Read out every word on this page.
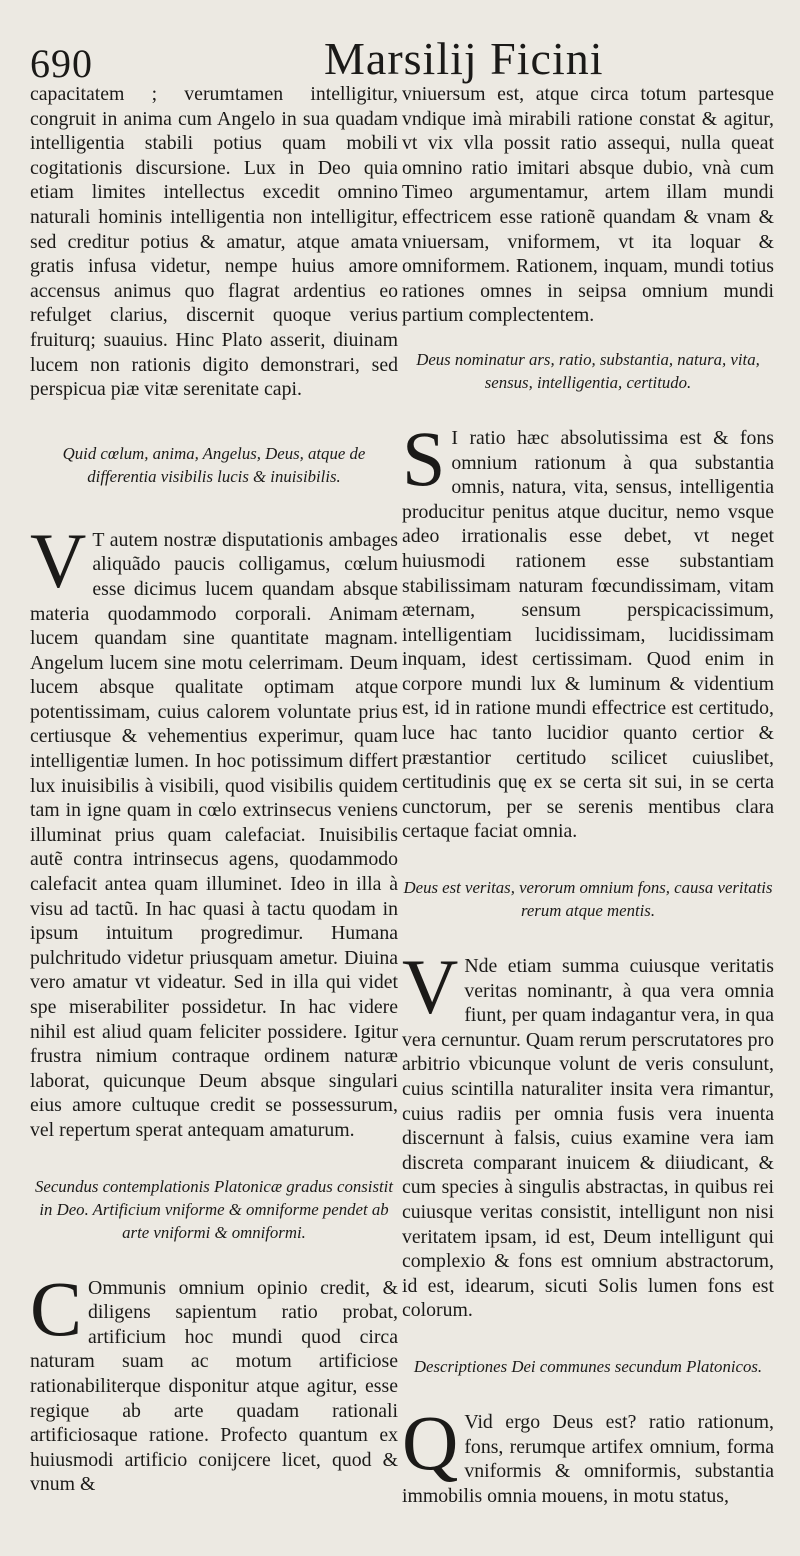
690	Marsilij Ficini

capacitatem ; verumtamen intelligitur, congruit in anima cum Angelo in sua quadam intelligentia stabili potius quam mobili cogitationis discursione. Lux in Deo quia etiam limites intellectus excedit omnino naturali hominis intelligentia non intelligitur, sed creditur potius & amatur, atque amata gratis infusa videtur, nempe huius amore accensus animus quo flagrat ardentius eo refulget clarius, discernit quoque verius fruiturq; suauius. Hinc Plato asserit, diuinam lucem non rationis digito demonstrari, sed perspicua piæ vitæ serenitate capi.

Quid cœlum, anima, Angelus, Deus, atque de differentia visibilis lucis & inuisibilis.

V T autem nostræ disputationis ambages aliquãdo paucis colligamus, cœlum esse dicimus lucem quandam absque materia quodammodo corporali. Animam lucem quandam sine quantitate magnam. Angelum lucem sine motu celerrimam. Deum lucem absque qualitate optimam atque potentissimam, cuius calorem voluntate prius certiusque & vehementius experimur, quam intelligentiæ lumen. In hoc potissimum differt lux inuisibilis à visibili, quod visibilis quidem tam in igne quam in cœlo extrinsecus veniens illuminat prius quam calefaciat. Inuisibilis autẽ contra intrinsecus agens, quodammodo calefacit antea quam illuminet. Ideo in illa à visu ad tactũ. In hac quasi à tactu quodam in ipsum intuitum progredimur. Humana pulchritudo videtur priusquam ametur. Diuina vero amatur vt videatur. Sed in illa qui videt spe miserabiliter possidetur. In hac videre nihil est aliud quam feliciter possidere. Igitur frustra nimium contraque ordinem naturæ laborat, quicunque Deum absque singulari eius amore cultuque credit se possessurum, vel repertum sperat antequam amaturum.

Secundus contemplationis Platonicæ gradus consistit in Deo. Artificium vniforme & omniforme pendet ab arte vniformi & omniformi.

C Ommunis omnium opinio credit, & diligens sapientum ratio probat, artificium hoc mundi quod circa naturam suam ac motum artificiose rationabiliterque disponitur atque agitur, esse regique ab arte quadam rationali artificiosaque ratione. Profecto quantum ex huiusmodi artificio conijcere licet, quod & vnum &

vniuersum est, atque circa totum partesque vndique imà mirabili ratione constat & agitur, vt vix vlla possit ratio assequi, nulla queat omnino ratio imitari absque dubio, vnà cum Timeo argumentamur, artem illam mundi effectricem esse rationẽ quandam & vnam & vniuersam, vniformem, vt ita loquar & omniformem. Rationem, inquam, mundi totius rationes omnes in seipsa omnium mundi partium complectentem.

Deus nominatur ars, ratio, substantia, natura, vita, sensus, intelligentia, certitudo.

S I ratio hæc absolutissima est & fons omnium rationum à qua substantia omnis, natura, vita, sensus, intelligentia producitur penitus atque ducitur, nemo vsque adeo irrationalis esse debet, vt neget huiusmodi rationem esse substantiam stabilissimam naturam fœcundissimam, vitam æternam, sensum perspicacissimum, intelligentiam lucidissimam, lucidissimam inquam, idest certissimam. Quod enim in corpore mundi lux & luminum & videntium est, id in ratione mundi effectrice est certitudo, luce hac tanto lucidior quanto certior & præstantior certitudo scilicet cuiuslibet, certitudinis quę ex se certa sit sui, in se certa cunctorum, per se serenis mentibus clara certaque faciat omnia.

Deus est veritas, verorum omnium fons, causa veritatis rerum atque mentis.

V Nde etiam summa cuiusque veritatis veritas nominantr, à qua vera omnia fiunt, per quam indagantur vera, in qua vera cernuntur. Quam rerum perscrutatores pro arbitrio vbicunque volunt de veris consulunt, cuius scintilla naturaliter insita vera rimantur, cuius radiis per omnia fusis vera inuenta discernunt à falsis, cuius examine vera iam discreta comparant inuicem & diiudicant, & cum species à singulis abstractas, in quibus rei cuiusque veritas consistit, intelligunt non nisi veritatem ipsam, id est, Deum intelligunt qui complexio & fons est omnium abstractorum, id est, idearum, sicuti Solis lumen fons est colorum.

Descriptiones Dei communes secundum Platonicos.

Q Vid ergo Deus est? ratio rationum, fons, rerumque artifex omnium, forma vniformis & omniformis, substantia immobilis omnia mouens, in motu status,
